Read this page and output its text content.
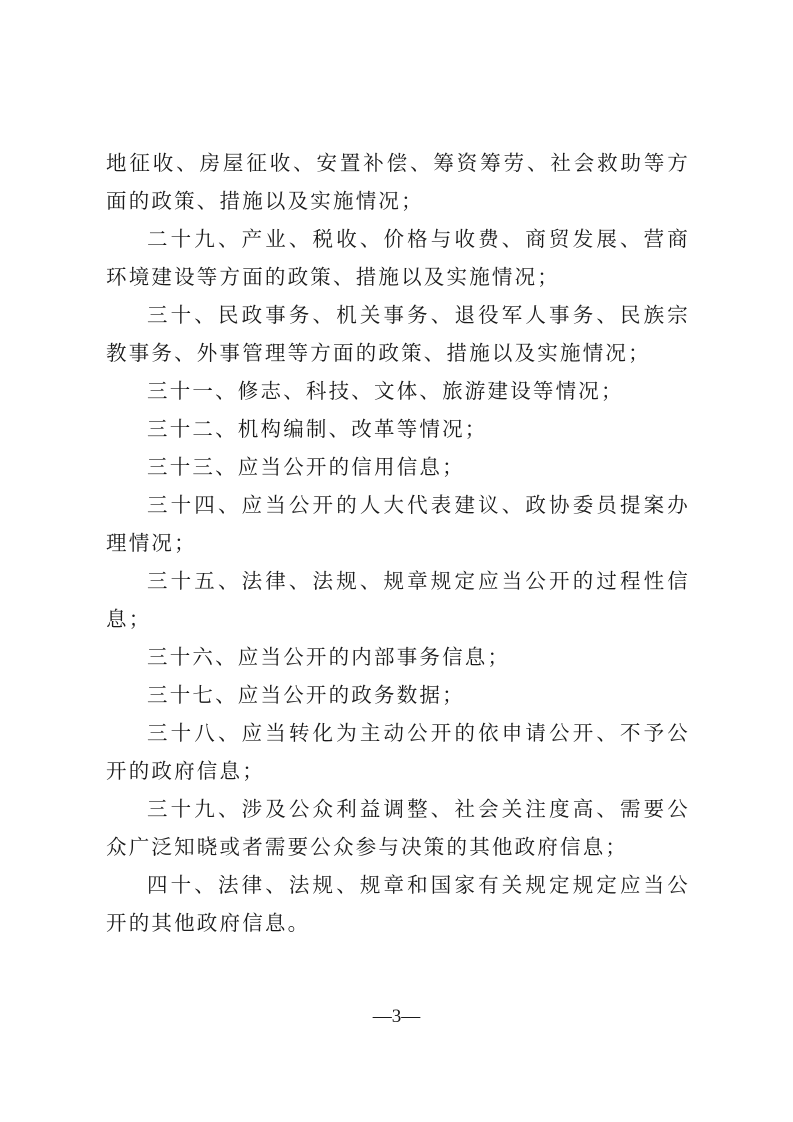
地征收、房屋征收、安置补偿、筹资筹劳、社会救助等方面的政策、措施以及实施情况；

二十九、产业、税收、价格与收费、商贸发展、营商环境建设等方面的政策、措施以及实施情况；

三十、民政事务、机关事务、退役军人事务、民族宗教事务、外事管理等方面的政策、措施以及实施情况；

三十一、修志、科技、文体、旅游建设等情况；

三十二、机构编制、改革等情况；

三十三、应当公开的信用信息；

三十四、应当公开的人大代表建议、政协委员提案办理情况；

三十五、法律、法规、规章规定应当公开的过程性信息；

三十六、应当公开的内部事务信息；

三十七、应当公开的政务数据；

三十八、应当转化为主动公开的依申请公开、不予公开的政府信息；

三十九、涉及公众利益调整、社会关注度高、需要公众广泛知晓或者需要公众参与决策的其他政府信息；

四十、法律、法规、规章和国家有关规定规定应当公开的其他政府信息。

—3—
